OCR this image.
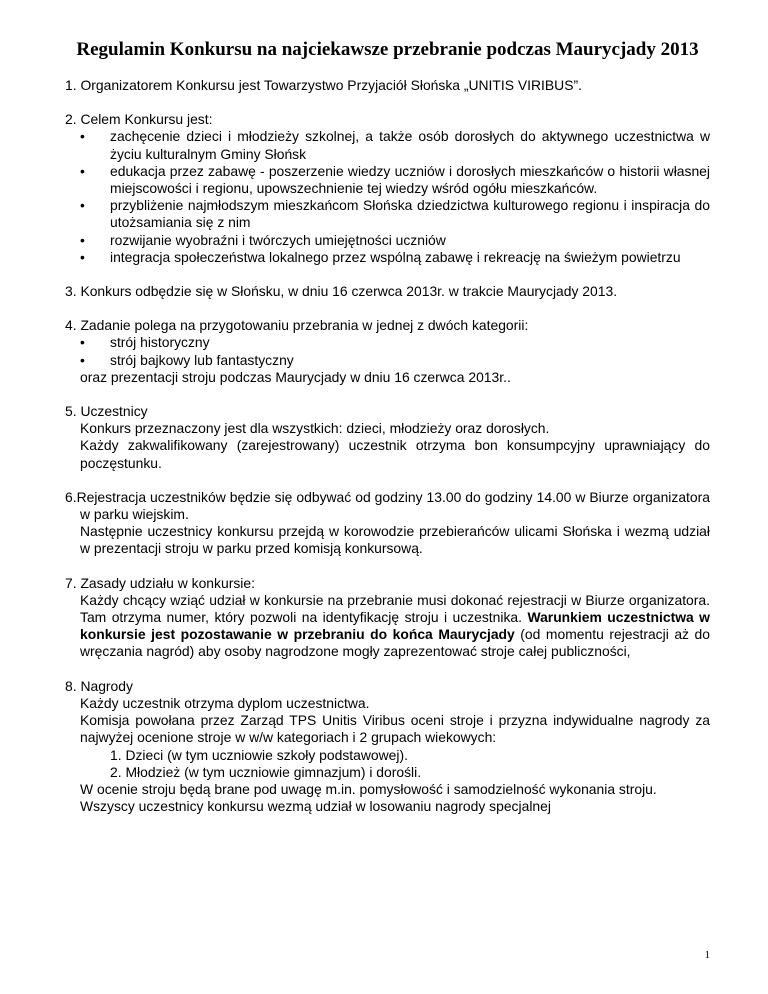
Regulamin Konkursu na najciekawsze przebranie podczas Maurycjady 2013

1. Organizatorem Konkursu jest Towarzystwo Przyjaciół Słońska „UNITIS VIRIBUS”.

2. Celem Konkursu jest:

• zachęcenie dzieci i młodzieży szkolnej, a także osób dorosłych do aktywnego uczestnictwa w życiu kulturalnym Gminy Słońsk
• edukacja przez zabawę - poszerzenie wiedzy uczniów i dorosłych mieszkańców o historii własnej miejscowości i regionu, upowszechnienie tej wiedzy wśród ogółu mieszkańców.
• przybliżenie najmłodszym mieszkańcom Słońska dziedzictwa kulturowego regionu i inspiracja do utożsamiania się z nim
• rozwijanie wyobraźni i twórczych umiejętności uczniów
• integracja społeczeństwa lokalnego przez wspólną zabawę i rekreację na świeżym powietrzu

3. Konkurs odbędzie się w Słońsku, w dniu 16 czerwca 2013r. w trakcie Maurycjady 2013.

4. Zadanie polega na przygotowaniu przebrania w jednej z dwóch kategorii:

• strój historyczny
• strój bajkowy lub fantastyczny

oraz prezentacji stroju podczas Maurycjady w dniu 16 czerwca 2013r..

5. Uczestnicy

Konkurs przeznaczony jest dla wszystkich: dzieci, młodzieży oraz dorosłych.

Każdy zakwalifikowany (zarejestrowany) uczestnik otrzyma bon konsumpcyjny uprawniający do poczęstunku.

6.Rejestracja uczestników będzie się odbywać od godziny 13.00 do godziny 14.00 w Biurze organizatora w parku wiejskim.

Następnie uczestnicy konkursu przejdą w korowodzie przebierańców ulicami Słońska i wezmą udział w prezentacji stroju w parku przed komisją konkursową.

7. Zasady udziału w konkursie:

Każdy chcący wziąć udział w konkursie na przebranie musi dokonać rejestracji w Biurze organizatora. Tam otrzyma numer, który pozwoli na identyfikację stroju i uczestnika. Warunkiem uczestnictwa w konkursie jest pozostawanie w przebraniu do końca Maurycjady (od momentu rejestracji aż do wręczania nagród) aby osoby nagrodzone mogły zaprezentować stroje całej publiczności,

8. Nagrody

Każdy uczestnik otrzyma dyplom uczestnictwa.

Komisja powołana przez Zarząd TPS Unitis Viribus oceni stroje i przyzna indywidualne nagrody za najwyżej ocenione stroje w w/w kategoriach i 2 grupach wiekowych:

1. Dzieci (w tym uczniowie szkoły podstawowej).

2. Młodzież (w tym uczniowie gimnazjum) i dorośli.

W ocenie stroju będą brane pod uwagę m.in. pomysłowość i samodzielność wykonania stroju.

Wszyscy uczestnicy konkursu wezmą udział w losowaniu nagrody specjalnej

1
